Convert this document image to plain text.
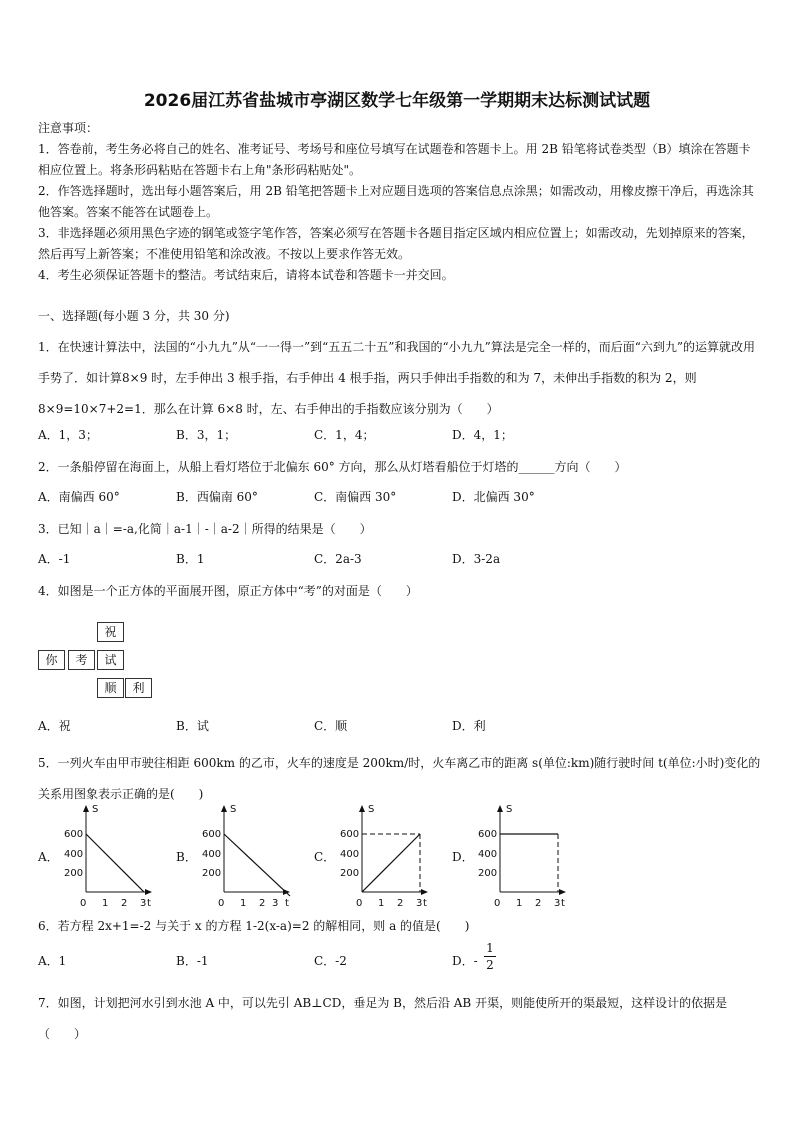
2026届江苏省盐城市亭湖区数学七年级第一学期期末达标测试试题
注意事项：
1．答卷前，考生务必将自己的姓名、准考证号、考场号和座位号填写在试题卷和答题卡上。用 2B 铅笔将试卷类型（B）填涂在答题卡相应位置上。将条形码粘贴在答题卡右上角"条形码粘贴处"。
2．作答选择题时，选出每小题答案后，用 2B 铅笔把答题卡上对应题目选项的答案信息点涂黑；如需改动，用橡皮擦干净后，再选涂其他答案。答案不能答在试题卷上。
3．非选择题必须用黑色字迹的钢笔或签字笔作答，答案必须写在答题卡各题目指定区域内相应位置上；如需改动，先划掉原来的答案，然后再写上新答案；不准使用铅笔和涂改液。不按以上要求作答无效。
4．考生必须保证答题卡的整洁。考试结束后，请将本试卷和答题卡一并交回。
一、选择题(每小题 3 分，共 30 分)
1．在快速计算法中，法国的“小九九”从“一一得一”到“五五二十五”和我国的“小九九”算法是完全一样的，而后面“六到九”的运算就改用手势了．如计算8×9 时，左手伸出 3 根手指，右手伸出 4 根手指，两只手伸出手指数的和为 7，未伸出手指数的积为 2，则 8×9=10×7+2=1．那么在计算 6×8 时，左、右手伸出的手指数应该分别为（　　）
A．1，3；	B．3，1；	C．1，4；	D．4，1；
2．一条船停留在海面上，从船上看灯塔位于北偏东 60° 方向，那么从灯塔看船位于灯塔的______方向（　　）
A．南偏西 60°	B．西偏南 60°	C．南偏西 30°	D．北偏西 30°
3．已知｜a｜=-a,化简｜a-1｜-｜a-2｜所得的结果是（　　）
A．-1	B．1	C．2a-3	D．3-2a
4．如图是一个正方体的平面展开图，原正方体中“考”的对面是（　　）
祝
你	考	试
顺	利
A．祝	B．试	C．顺	D．利
5．一列火车由甲市驶往相距 600km 的乙市，火车的速度是 200km/时，火车离乙市的距离 s(单位:km)随行驶时间 t(单位:小时)变化的关系用图象表示正确的是(　　)
A．	B．	C．	D．
S
600
400
200
0 1 2 3 t
S
600
400
200
0 1 2 3 t
S
600
400
200
0 1 2 3 t
S
600
400
200
0 1 2 3 t
6．若方程 2x+1=-2 与关于 x 的方程 1-2(x-a)=2 的解相同，则 a 的值是(　　)
A．1	B．-1	C．-2	D．- $\frac{1}{2}$
7．如图，计划把河水引到水池 A 中，可以先引 AB⊥CD，垂足为 B，然后沿 AB 开渠，则能使所开的渠最短，这样设计的依据是（　　）
